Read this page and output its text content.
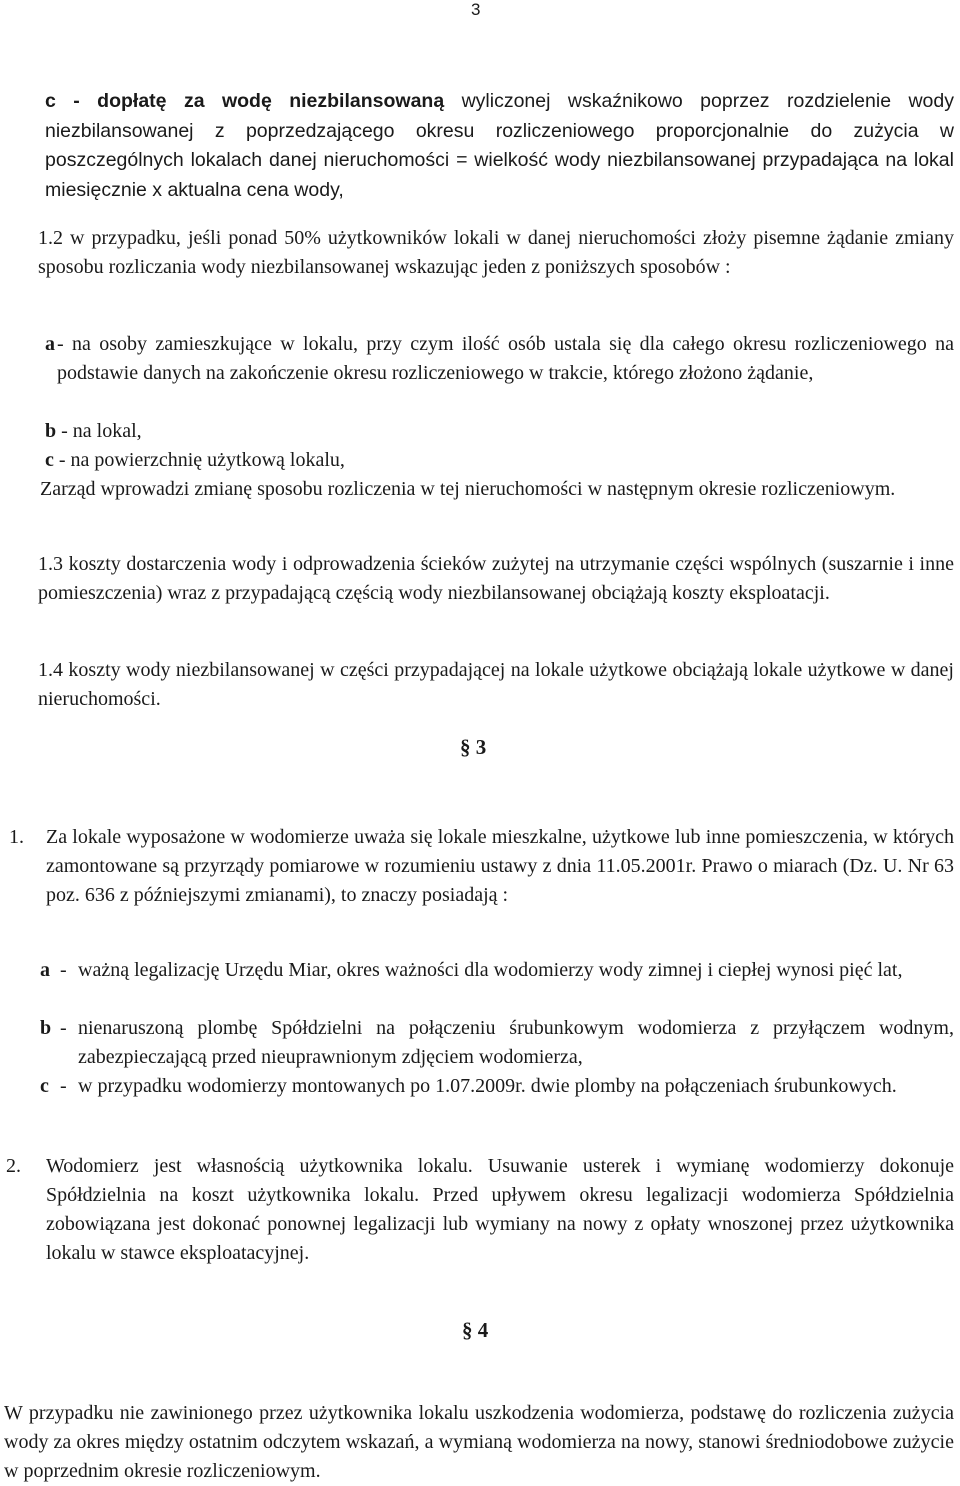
3

c - dopłatę za wodę niezbilansowaną wyliczonej wskaźnikowo poprzez rozdzielenie wody niezbilansowanej z poprzedzającego okresu rozliczeniowego proporcjonalnie do zużycia w poszczególnych lokalach danej nieruchomości = wielkość wody niezbilansowanej przypadająca na lokal miesięcznie x aktualna cena wody,

1.2 w przypadku, jeśli ponad 50% użytkowników lokali w danej nieruchomości złoży pisemne żądanie zmiany sposobu rozliczania wody niezbilansowanej wskazując jeden z poniższych sposobów :

a - na osoby zamieszkujące w lokalu, przy czym ilość osób ustala się dla całego okresu rozliczeniowego na podstawie danych na zakończenie okresu rozliczeniowego w trakcie, którego złożono żądanie,
b - na lokal,
c - na powierzchnię użytkową lokalu,

Zarząd wprowadzi zmianę sposobu rozliczenia w tej nieruchomości w następnym okresie rozliczeniowym.

1.3 koszty dostarczenia wody i odprowadzenia ścieków zużytej na utrzymanie części wspólnych (suszarnie i inne pomieszczenia) wraz z przypadającą częścią wody niezbilansowanej obciążają koszty eksploatacji.

1.4 koszty wody niezbilansowanej w części przypadającej na lokale użytkowe obciążają lokale użytkowe w danej nieruchomości.

§ 3
1. Za lokale wyposażone w wodomierze uważa się lokale mieszkalne, użytkowe lub inne pomieszczenia, w których zamontowane są przyrządy pomiarowe w rozumieniu ustawy z dnia 11.05.2001r. Prawo o miarach (Dz. U. Nr 63 poz. 636 z późniejszymi zmianami), to znaczy posiadają :
a - ważną legalizację Urzędu Miar, okres ważności dla wodomierzy wody zimnej i ciepłej wynosi pięć lat,
b - nienaruszoną plombę Spółdzielni na połączeniu śrubunkowym wodomierza z przyłączem wodnym, zabezpieczającą przed nieuprawnionym zdjęciem wodomierza,
c - w przypadku wodomierzy montowanych po 1.07.2009r. dwie plomby na połączeniach śrubunkowych.
2. Wodomierz jest własnością użytkownika lokalu. Usuwanie usterek i wymianę wodomierzy dokonuje Spółdzielnia na koszt użytkownika lokalu. Przed upływem okresu legalizacji wodomierza Spółdzielnia zobowiązana jest dokonać ponownej legalizacji lub wymiany na nowy z opłaty wnoszonej przez użytkownika lokalu w stawce eksploatacyjnej.
§ 4

W przypadku nie zawinionego przez użytkownika lokalu uszkodzenia wodomierza, podstawę do rozliczenia zużycia wody za okres między ostatnim odczytem wskazań, a wymianą wodomierza na nowy, stanowi średniodobowe zużycie w poprzednim okresie rozliczeniowym.
